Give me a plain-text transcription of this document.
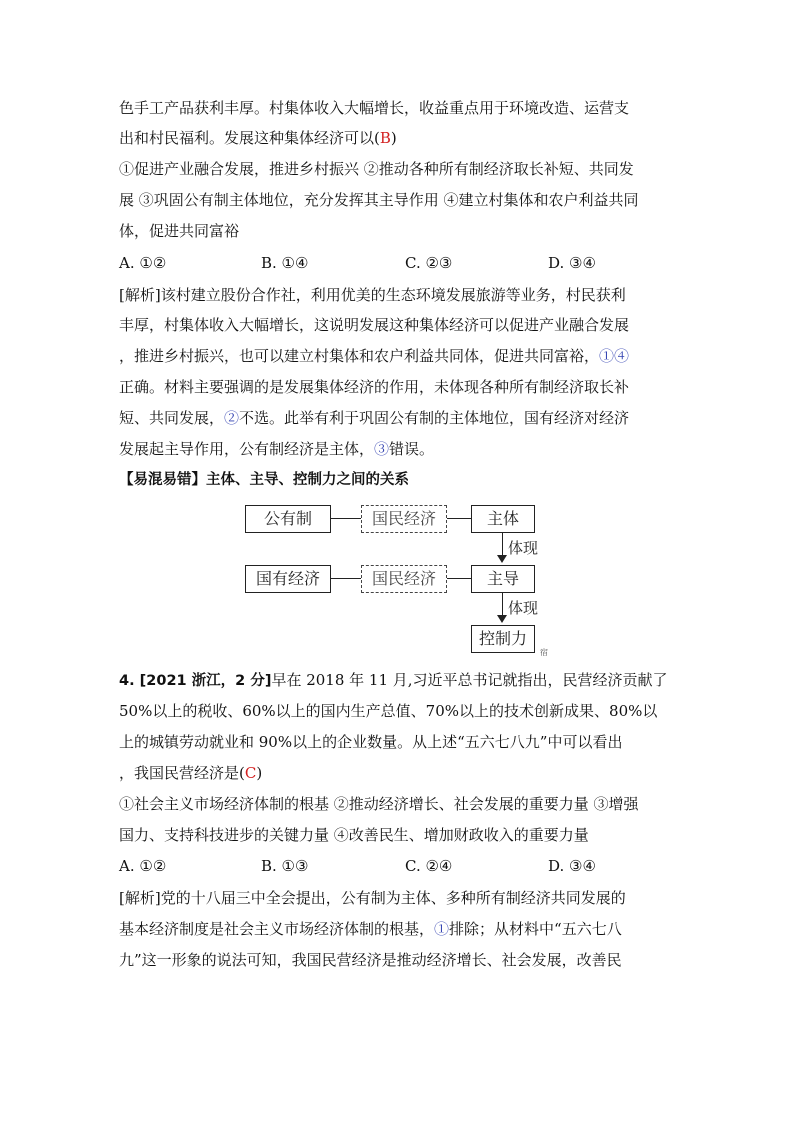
色手工产品获利丰厚。村集体收入大幅增长，收益重点用于环境改造、运营支
出和村民福利。发展这种集体经济可以(B)
①促进产业融合发展，推进乡村振兴 ②推动各种所有制经济取长补短、共同发
展 ③巩固公有制主体地位，充分发挥其主导作用 ④建立村集体和农户利益共同
体，促进共同富裕
A. ①②	B. ①④	C. ②③	D. ③④
[解析]该村建立股份合作社，利用优美的生态环境发展旅游等业务，村民获利
丰厚，村集体收入大幅增长，这说明发展这种集体经济可以促进产业融合发展
，推进乡村振兴，也可以建立村集体和农户利益共同体，促进共同富裕，①④
正确。材料主要强调的是发展集体经济的作用，未体现各种所有制经济取长补
短、共同发展，②不选。此举有利于巩固公有制的主体地位，国有经济对经济
发展起主导作用，公有制经济是主体，③错误。
【易混易错】主体、主导、控制力之间的关系
公有制	国民经济	主体
体现
国有经济	国民经济	主导
体现
控制力
宿
4. [2021 浙江，2 分]早在 2018 年 11 月,习近平总书记就指出，民营经济贡献了
50%以上的税收、60%以上的国内生产总值、70%以上的技术创新成果、80%以
上的城镇劳动就业和 90%以上的企业数量。从上述“五六七八九”中可以看出
，我国民营经济是(C)
①社会主义市场经济体制的根基 ②推动经济增长、社会发展的重要力量 ③增强
国力、支持科技进步的关键力量 ④改善民生、增加财政收入的重要力量
A. ①②	B. ①③	C. ②④	D. ③④
[解析]党的十八届三中全会提出，公有制为主体、多种所有制经济共同发展的
基本经济制度是社会主义市场经济体制的根基，①排除；从材料中“五六七八
九”这一形象的说法可知，我国民营经济是推动经济增长、社会发展，改善民
